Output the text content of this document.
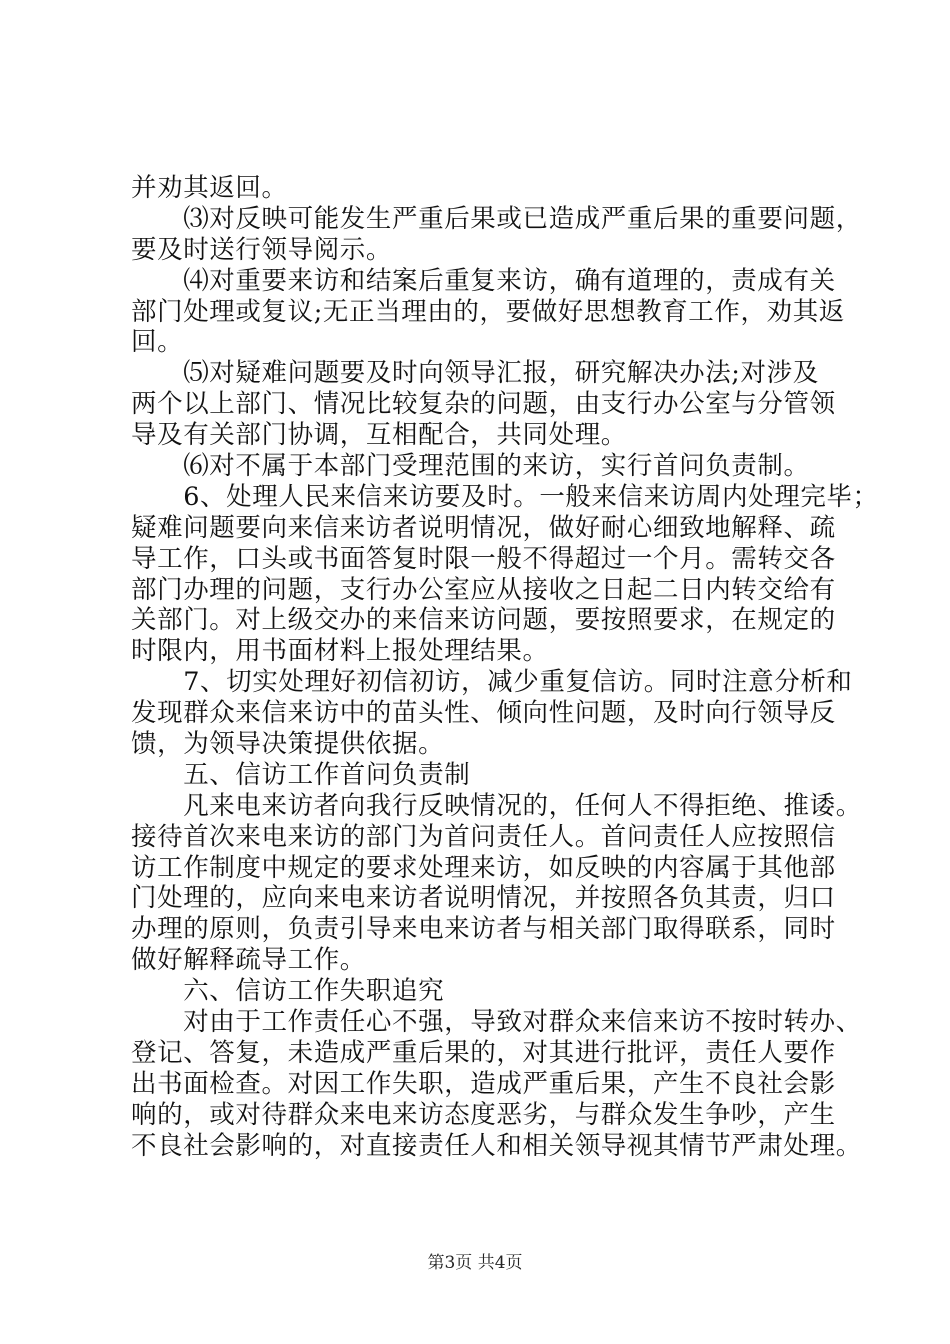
并劝其返回。
　　⑶对反映可能发生严重后果或已造成严重后果的重要问题，
要及时送行领导阅示。
　　⑷对重要来访和结案后重复来访，确有道理的，责成有关
部门处理或复议;无正当理由的，要做好思想教育工作，劝其返
回。
　　⑸对疑难问题要及时向领导汇报，研究解决办法;对涉及
两个以上部门、情况比较复杂的问题，由支行办公室与分管领
导及有关部门协调，互相配合，共同处理。
　　⑹对不属于本部门受理范围的来访，实行首问负责制。
　　6、处理人民来信来访要及时。一般来信来访周内处理完毕；
疑难问题要向来信来访者说明情况，做好耐心细致地解释、疏
导工作，口头或书面答复时限一般不得超过一个月。需转交各
部门办理的问题，支行办公室应从接收之日起二日内转交给有
关部门。对上级交办的来信来访问题，要按照要求，在规定的
时限内，用书面材料上报处理结果。
　　7、切实处理好初信初访，减少重复信访。同时注意分析和
发现群众来信来访中的苗头性、倾向性问题，及时向行领导反
馈，为领导决策提供依据。
　　五、信访工作首问负责制
　　凡来电来访者向我行反映情况的，任何人不得拒绝、推诿。
接待首次来电来访的部门为首问责任人。首问责任人应按照信
访工作制度中规定的要求处理来访，如反映的内容属于其他部
门处理的，应向来电来访者说明情况，并按照各负其责，归口
办理的原则，负责引导来电来访者与相关部门取得联系，同时
做好解释疏导工作。
　　六、信访工作失职追究
　　对由于工作责任心不强，导致对群众来信来访不按时转办、
登记、答复，未造成严重后果的，对其进行批评，责任人要作
出书面检查。对因工作失职，造成严重后果，产生不良社会影
响的，或对待群众来电来访态度恶劣，与群众发生争吵，产生
不良社会影响的，对直接责任人和相关领导视其情节严肃处理。
第3页 共4页
